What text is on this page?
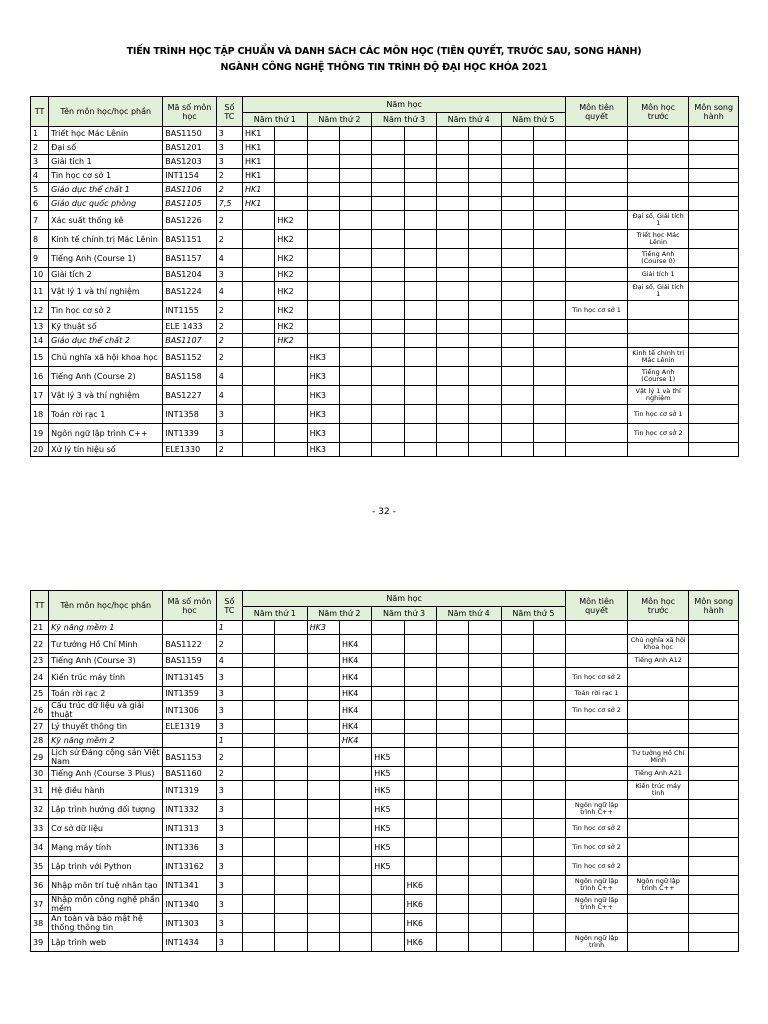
TIẾN TRÌNH HỌC TẬP CHUẨN VÀ DANH SÁCH CÁC MÔN HỌC (TIÊN QUYẾT, TRƯỚC SAU, SONG HÀNH)
NGÀNH CÔNG NGHỆ THÔNG TIN TRÌNH ĐỘ ĐẠI HỌC KHÓA 2021
TT	Tên môn học/học phần	Mã số môn học	Số TC	Năm học										Môn tiên quyết	Môn học trước	Môn song hành
				Năm thứ 1		Năm thứ 2		Năm thứ 3		Năm thứ 4		Năm thứ 5				
1	Triết học Mác Lênin	BAS1150	3	HK1												
2	Đại số	BAS1201	3	HK1												
3	Giải tích 1	BAS1203	3	HK1												
4	Tin học cơ sở 1	INT1154	2	HK1												
5	Giáo dục thể chất 1	BAS1106	2	HK1												
6	Giáo dục quốc phòng	BAS1105	7,5	HK1												
7	Xác suất thống kê	BAS1226	2		HK2										Đại số, Giải tích 1	
8	Kinh tế chính trị Mác Lênin	BAS1151	2		HK2										Triết học Mác Lênin	
9	Tiếng Anh (Course 1)	BAS1157	4		HK2										Tiếng Anh (Course 0)	
10	Giải tích 2	BAS1204	3		HK2										Giải tích 1	
11	Vật lý 1 và thí nghiệm	BAS1224	4		HK2										Đại số, Giải tích 1	
12	Tin học cơ sở 2	INT1155	2		HK2									Tin học cơ sở 1		
13	Kỹ thuật số	ELE 1433	2		HK2											
14	Giáo dục thể chất 2	BAS1107	2		HK2											
15	Chủ nghĩa xã hội khoa học	BAS1152	2			HK3									Kinh tế chính trị Mác Lênin	
16	Tiếng Anh (Course 2)	BAS1158	4			HK3									Tiếng Anh (Course 1)	
17	Vật lý 3 và thí nghiệm	BAS1227	4			HK3									Vật lý 1 và thí nghiệm	
18	Toán rời rạc 1	INT1358	3			HK3									Tin học cơ sở 1	
19	Ngôn ngữ lập trình C++	INT1339	3			HK3									Tin học cơ sở 2	
20	Xử lý tín hiệu số	ELE1330	2			HK3										
- 32 -
TT	Tên môn học/học phần	Mã số môn học	Số TC	Năm học										Môn tiên quyết	Môn học trước	Môn song hành
				Năm thứ 1		Năm thứ 2		Năm thứ 3		Năm thứ 4		Năm thứ 5				
21	Kỹ năng mềm 1		1			HK3										
22	Tư tưởng Hồ Chí Minh	BAS1122	2				HK4								Chủ nghĩa xã hội khoa học	
23	Tiếng Anh (Course 3)	BAS1159	4				HK4								Tiếng Anh A12	
24	Kiến trúc máy tính	INT13145	3				HK4							Tin học cơ sở 2		
25	Toán rời rạc 2	INT1359	3				HK4							Toán rời rạc 1		
26	Cấu trúc dữ liệu và giải thuật	INT1306	3				HK4							Tin học cơ sở 2		
27	Lý thuyết thông tin	ELE1319	3				HK4									
28	Kỹ năng mềm 2		1				HK4									
29	Lịch sử Đảng cộng sản Việt Nam	BAS1153	2					HK5							Tư tưởng Hồ Chí Minh	
30	Tiếng Anh (Course 3 Plus)	BAS1160	2					HK5							Tiếng Anh A21	
31	Hệ điều hành	INT1319	3					HK5							Kiến trúc máy tính	
32	Lập trình hướng đối tượng	INT1332	3					HK5						Ngôn ngữ lập trình C++		
33	Cơ sở dữ liệu	INT1313	3					HK5						Tin học cơ sở 2		
34	Mạng máy tính	INT1336	3					HK5						Tin học cơ sở 2		
35	Lập trình với Python	INT13162	3					HK5						Tin học cơ sở 2		
36	Nhập môn trí tuệ nhân tạo	INT1341	3						HK6					Ngôn ngữ lập trình C++	Ngôn ngữ lập trình C++	
37	Nhập môn công nghệ phần mềm	INT1340	3						HK6					Ngôn ngữ lập trình C++		
38	An toàn và bảo mật hệ thống thông tin	INT1303	3						HK6							
39	Lập trình web	INT1434	3						HK6					Ngôn ngữ lập trình		
